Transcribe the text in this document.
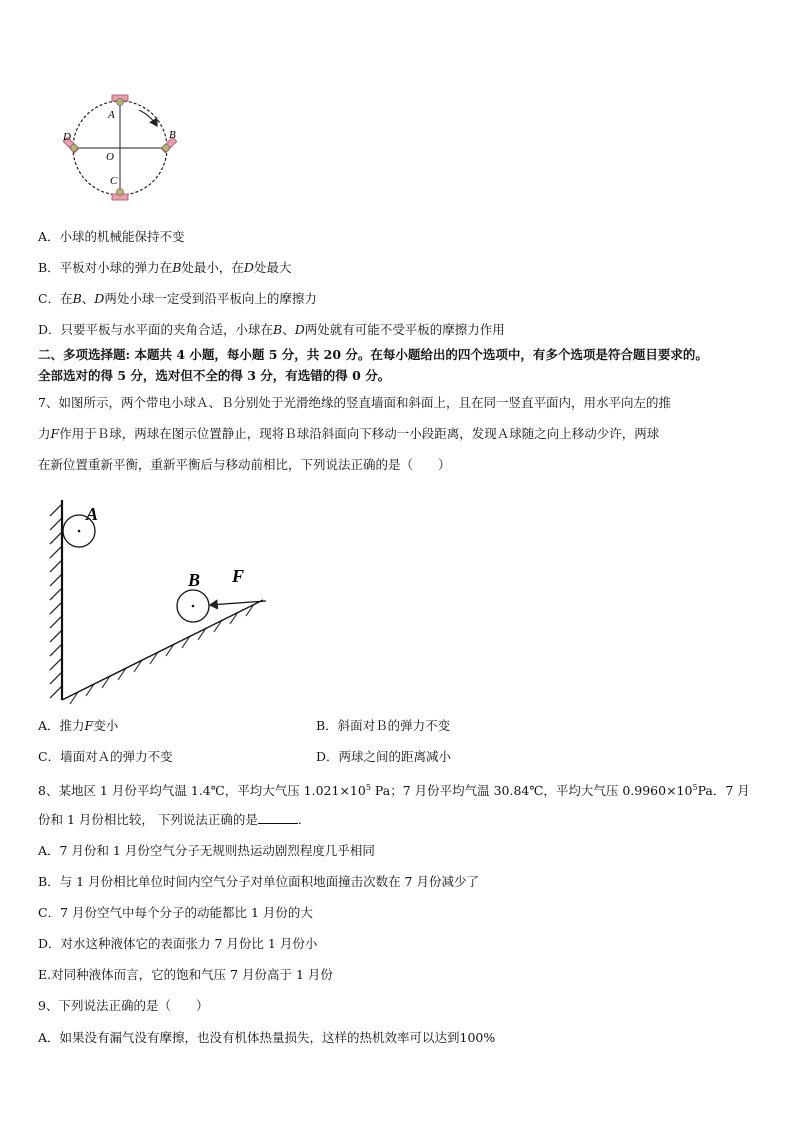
A
B
C
D
O
A．小球的机械能保持不变
B．平板对小球的弹力在B处最小，在D处最大
C．在B、D两处小球一定受到沿平板向上的摩擦力
D．只要平板与水平面的夹角合适，小球在B、D两处就有可能不受平板的摩擦力作用
二、多项选择题: 本题共 4 小题，每小题 5 分，共 20 分。在每小题给出的四个选项中，有多个选项是符合题目要求的。
全部选对的得 5 分，选对但不全的得 3 分，有选错的得 0 分。
7、如图所示，两个带电小球Ａ、Ｂ分别处于光滑绝缘的竖直墙面和斜面上，且在同一竖直平面内，用水平向左的推
力F作用于Ｂ球，两球在图示位置静止，现将Ｂ球沿斜面向下移动一小段距离，发现Ａ球随之向上移动少许，两球
在新位置重新平衡，重新平衡后与移动前相比，下列说法正确的是（　　）
A
B F
A．推力F变小	B．斜面对Ｂ的弹力不变
C．墙面对Ａ的弹力不变	D．两球之间的距离减小
8、某地区 1 月份平均气温 1.4℃，平均大气压 $1.021\times 10^5$ Pa；7 月份平均气温 30.84℃，平均大气压 $0.9960\times 10^5Pa$．7 月
份和 1 月份相比较， 下列说法正确的是	.
A．7 月份和 1 月份空气分子无规则热运动剧烈程度几乎相同
B．与 1 月份相比单位时间内空气分子对单位面积地面撞击次数在 7 月份减少了
C．7 月份空气中每个分子的动能都比 1 月份的大
D．对水这种液体它的表面张力 7 月份比 1 月份小
E.对同种液体而言，它的饱和气压 7 月份高于 1 月份
9、下列说法正确的是（　　）
A．如果没有漏气没有摩擦，也没有机体热量损失，这样的热机效率可以达到100%
